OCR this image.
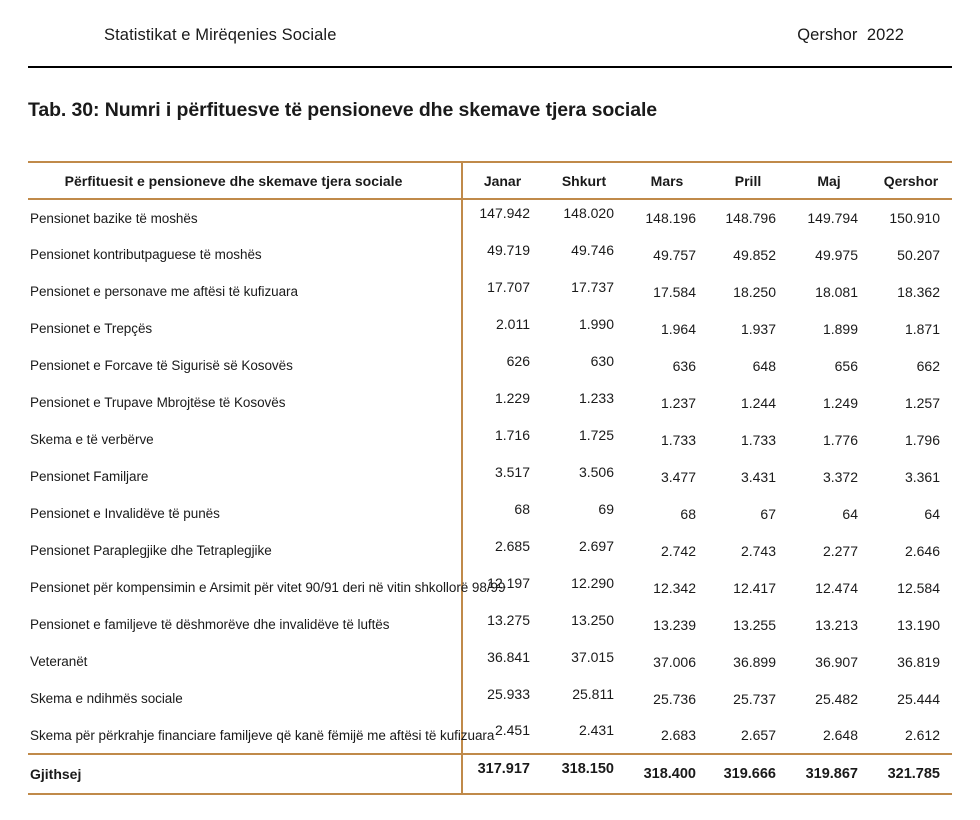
Statistikat e Mirëqenies Sociale	Qershor  2022
Tab. 30: Numri i përfituesve të pensioneve dhe skemave tjera sociale
Përfituesit e pensioneve dhe skemave tjera sociale	Janar	Shkurt	Mars	Prill	Maj	Qershor
Pensionet bazike të moshës	147.942	148.020	148.196	148.796	149.794	150.910
Pensionet kontributpaguese të moshës	49.719	49.746	49.757	49.852	49.975	50.207
Pensionet e personave me aftësi të kufizuara	17.707	17.737	17.584	18.250	18.081	18.362
Pensionet e Trepçës	2.011	1.990	1.964	1.937	1.899	1.871
Pensionet e Forcave të Sigurisë së Kosovës	626	630	636	648	656	662
Pensionet e Trupave Mbrojtëse të Kosovës	1.229	1.233	1.237	1.244	1.249	1.257
Skema e të verbërve	1.716	1.725	1.733	1.733	1.776	1.796
Pensionet Familjare	3.517	3.506	3.477	3.431	3.372	3.361
Pensionet e Invalidëve të punës	68	69	68	67	64	64
Pensionet Paraplegjike dhe Tetraplegjike	2.685	2.697	2.742	2.743	2.277	2.646
Pensionet për kompensimin e Arsimit për vitet 90/91 deri në vitin shkollorë 98/99	12.197	12.290	12.342	12.417	12.474	12.584
Pensionet e familjeve të dëshmorëve dhe invalidëve të luftës	13.275	13.250	13.239	13.255	13.213	13.190
Veteranët	36.841	37.015	37.006	36.899	36.907	36.819
Skema e ndihmës sociale	25.933	25.811	25.736	25.737	25.482	25.444
Skema për përkrahje financiare familjeve që kanë fëmijë me aftësi të kufizuara	2.451	2.431	2.683	2.657	2.648	2.612
Gjithsej	317.917	318.150	318.400	319.666	319.867	321.785
